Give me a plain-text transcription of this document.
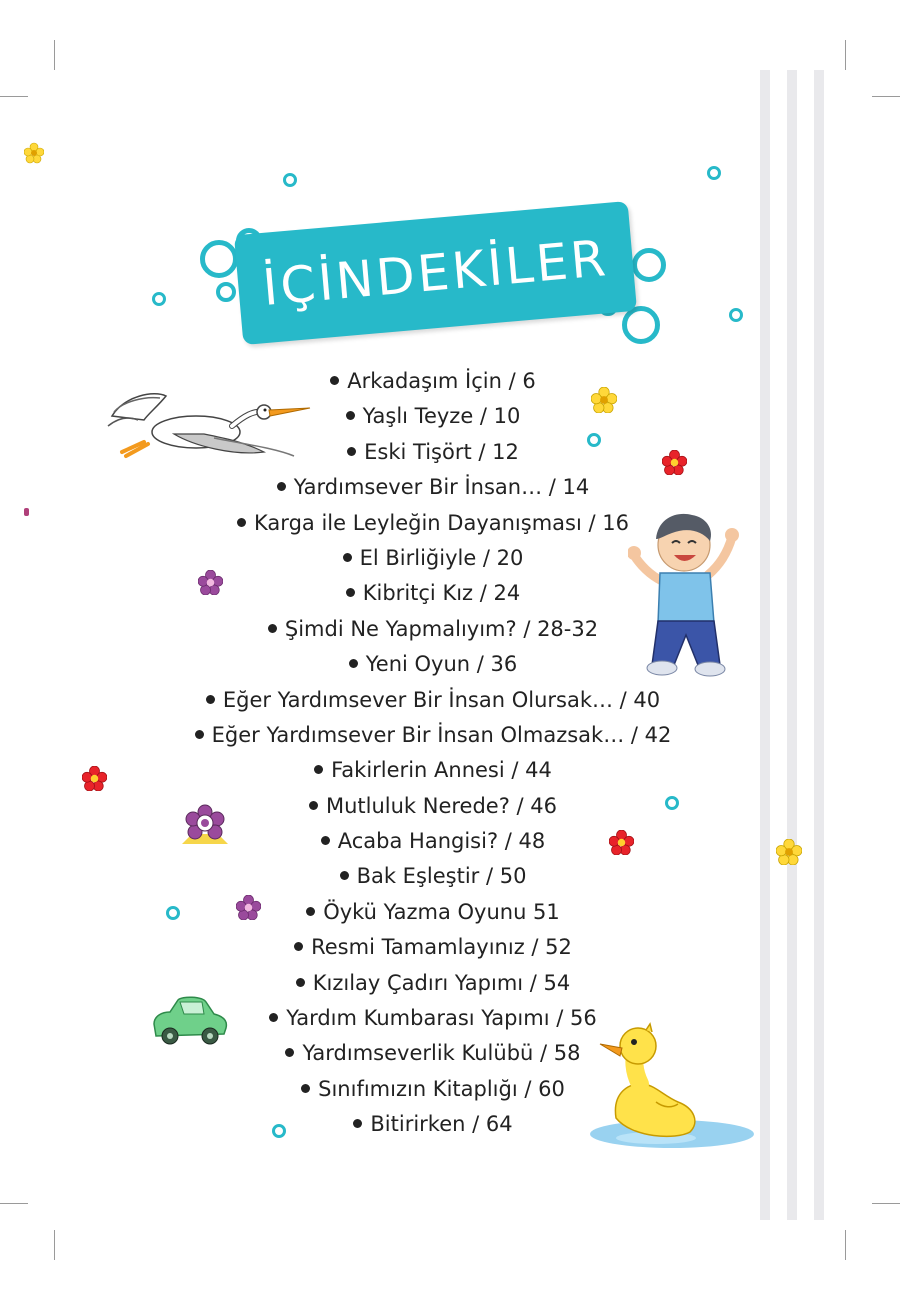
İÇİNDEKİLER
Arkadaşım İçin / 6
Yaşlı Teyze / 10
Eski Tişört / 12
Yardımsever Bir İnsan… / 14
Karga ile Leyleğin Dayanışması / 16
El Birliğiyle / 20
Kibritçi Kız / 24
Şimdi Ne Yapmalıyım? / 28-32
Yeni Oyun / 36
Eğer Yardımsever Bir İnsan Olursak… / 40
Eğer Yardımsever Bir İnsan Olmazsak… / 42
Fakirlerin Annesi / 44
Mutluluk Nerede? / 46
Acaba Hangisi? / 48
Bak Eşleştir / 50
Öykü Yazma Oyunu 51
Resmi Tamamlayınız / 52
Kızılay Çadırı Yapımı / 54
Yardım Kumbarası Yapımı / 56
Yardımseverlik Kulübü / 58
Sınıfımızın Kitaplığı / 60
Bitirirken / 64
